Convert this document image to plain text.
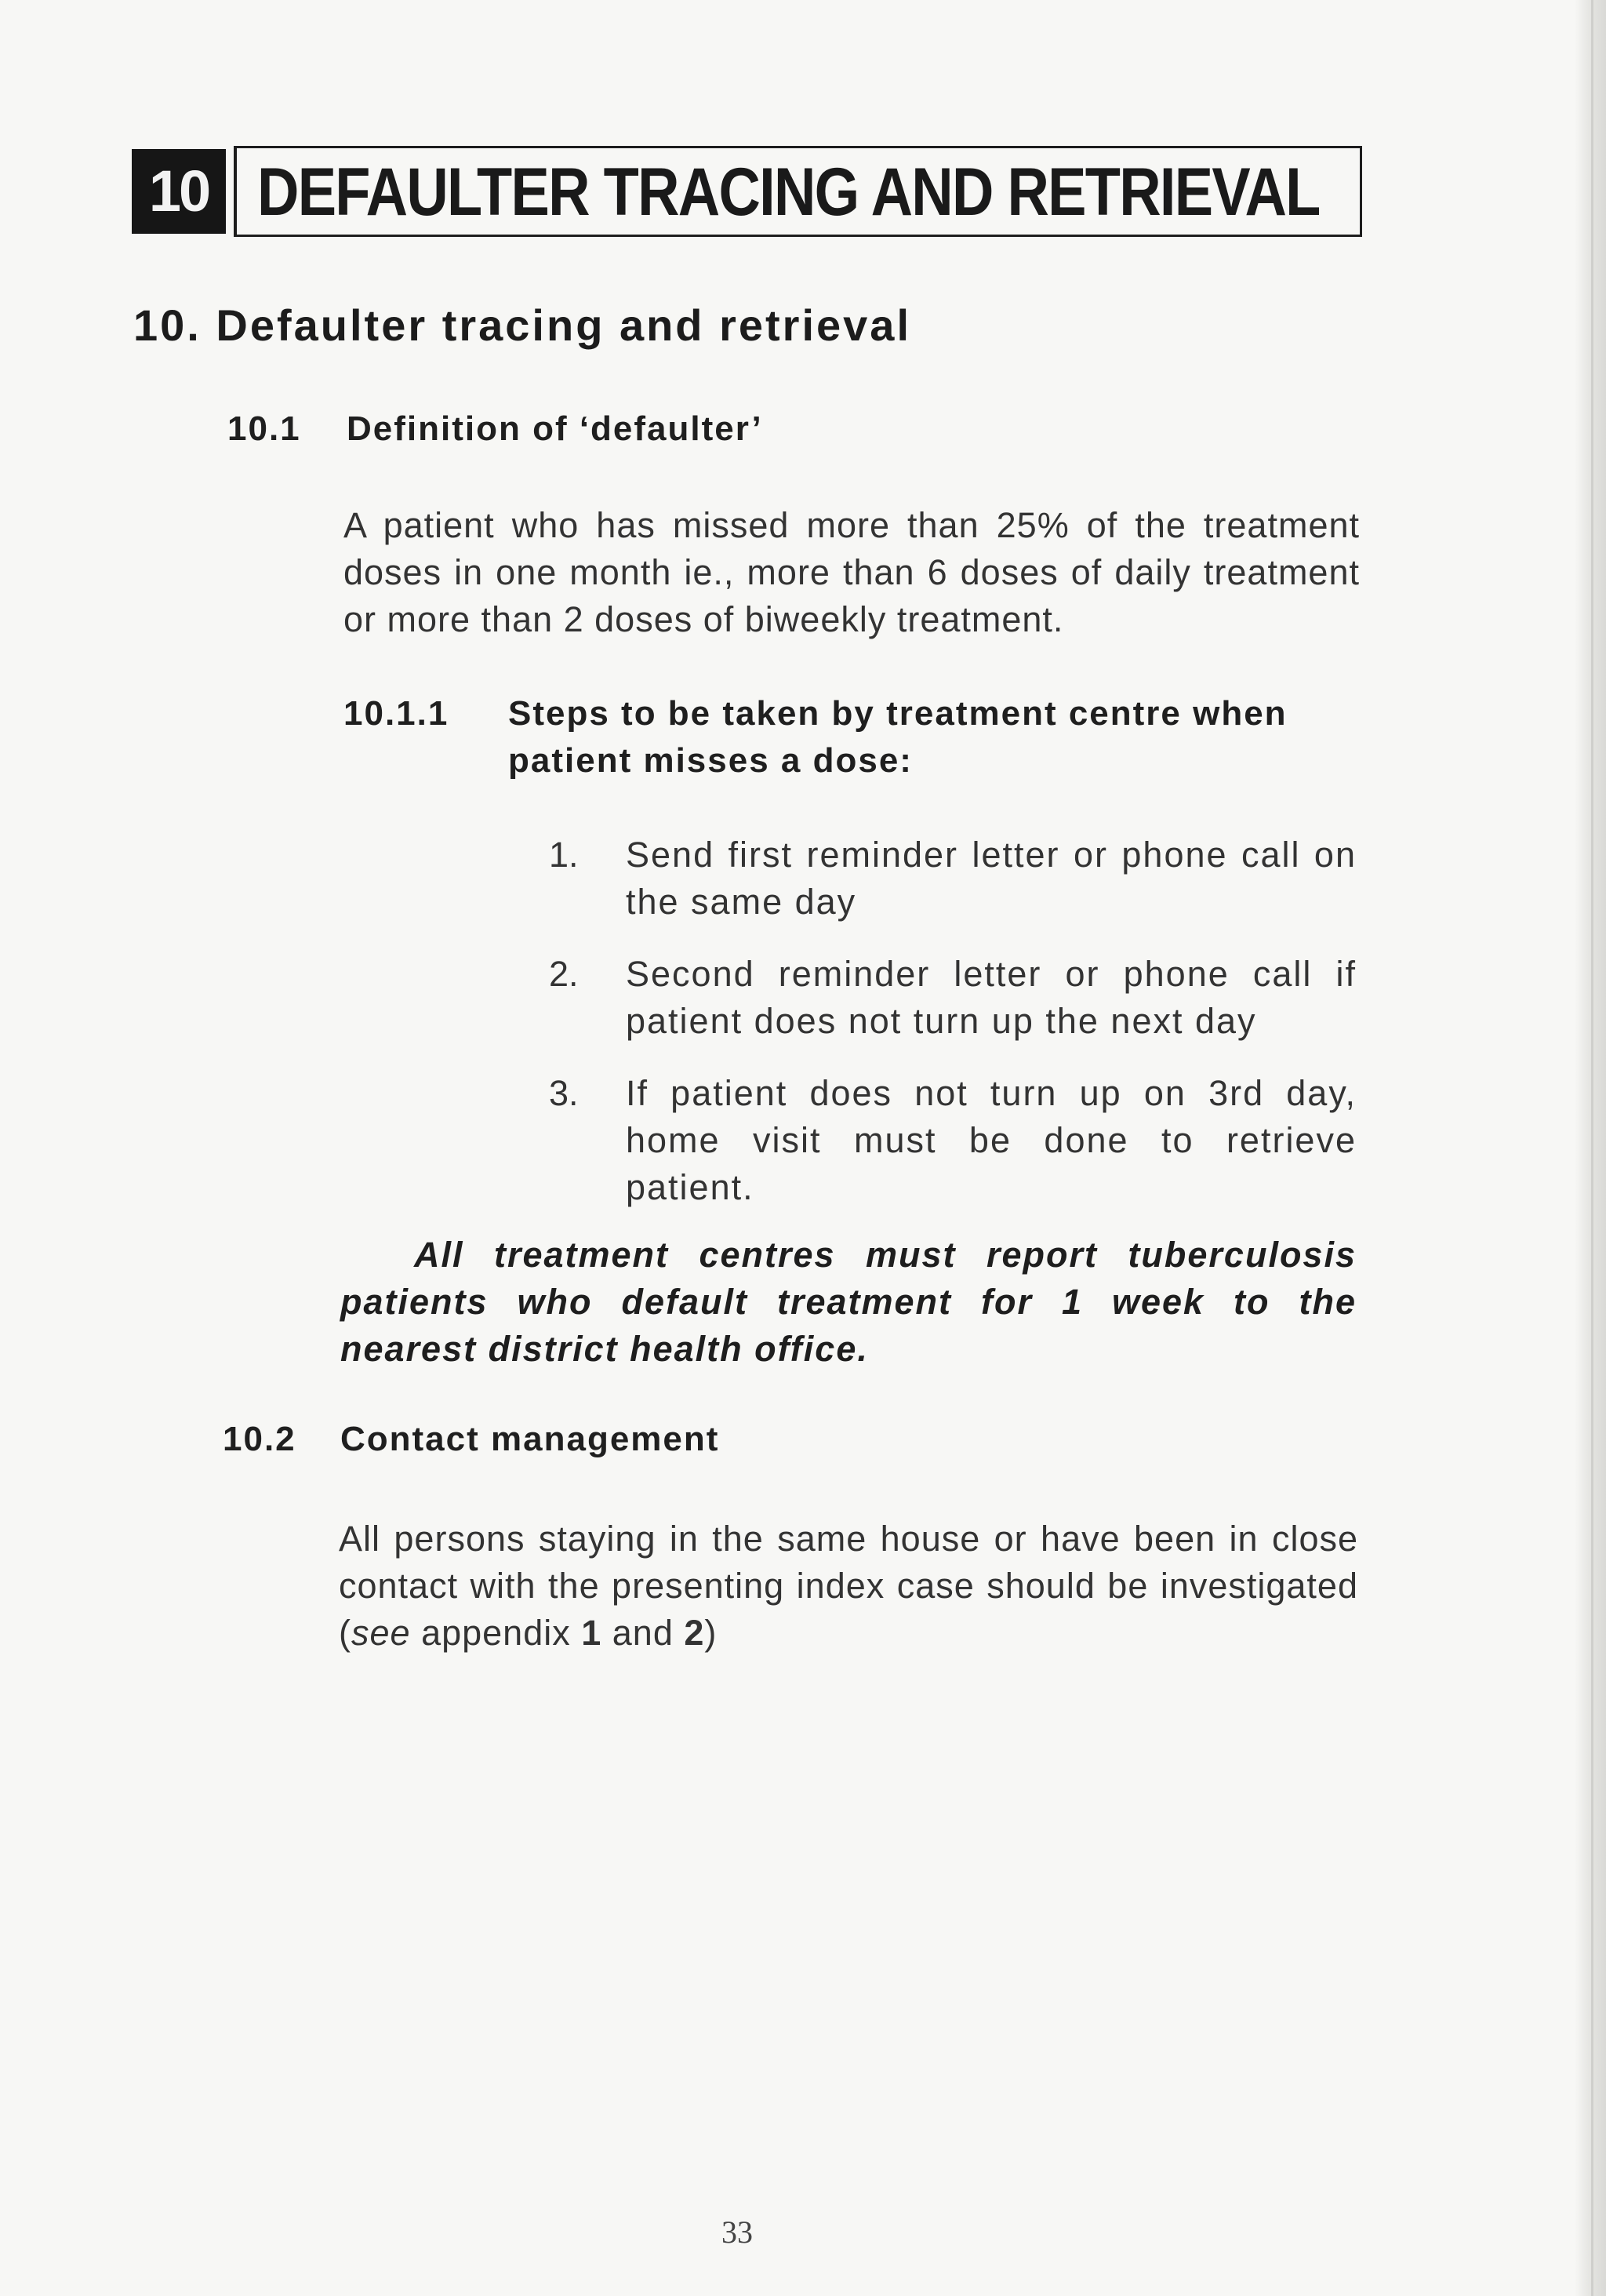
10 DEFAULTER TRACING AND RETRIEVAL
10. Defaulter tracing and retrieval
10.1 Definition of ‘defaulter’
A patient who has missed more than 25% of the treatment doses in one month ie., more than 6 doses of daily treatment or more than 2 doses of biweekly treatment.
10.1.1 Steps to be taken by treatment centre when patient misses a dose:
1.	Send first reminder letter or phone call on the same day
2.	Second reminder letter or phone call if patient does not turn up the next day
3.	If patient does not turn up on 3rd day, home visit must be done to retrieve patient.
All treatment centres must report tuberculosis patients who default treatment for 1 week to the nearest district health office.
10.2 Contact management
All persons staying in the same house or have been in close contact with the presenting index case should be investigated (see appendix 1 and 2)
33
